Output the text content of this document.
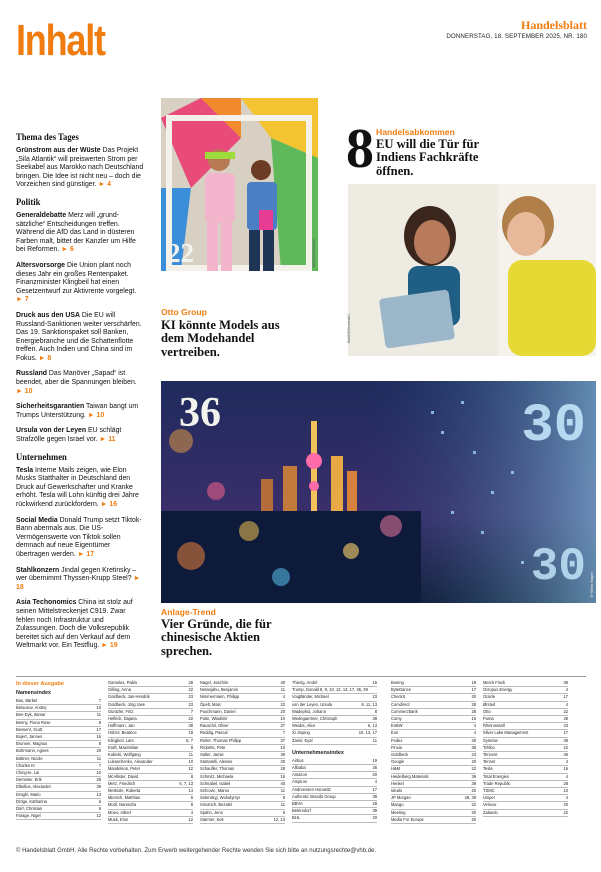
Inhalt	Handelsblatt
DONNERSTAG, 18. SEPTEMBER 2025, NR. 180
Thema des Tages
Grünstrom aus der Wüste Das Projekt „Sila Atlantik“ will preiswerten Strom per Seekabel aus Marokko nach Deutschland bringen. Die Idee ist nicht neu – doch die Vorzeichen sind günstiger. ► 4
Politik
Generaldebatte Merz will „grundsätzliche“ Entscheidungen treffen. Während die AfD das Land in düsteren Farben malt, bittet der Kanzler um Hilfe bei Reformen. ► 6
Altersvorsorge Die Union plant noch dieses Jahr ein großes Rentenpaket. Finanzminister Klingbeil hat einen Gesetzentwurf zur Aktivrente vorgelegt. ► 7
Druck aus den USA Die EU will Russland-Sanktionen weiter verschärfen. Das 19. Sanktionspaket soll Banken, Energiebranche und die Schattenflotte treffen. Auch Indien und China sind im Fokus. ► 8
Russland Das Manöver „Sapad“ ist beendet, aber die Spannungen bleiben. ► 10
Sicherheitsgarantien Taiwan bangt um Trumps Unterstützung. ► 10
Ursula von der Leyen EU schlägt Strafzölle gegen Israel vor. ► 11
Unternehmen
Tesla Interne Mails zeigen, wie Elon Musks Statthalter in Deutschland den Druck auf Gewerkschafter und Kranke erhöht. Tesla will Lohn künftig drei Jahre rückwirkend zurückfordern. ► 16
Social Media Donald Trump setzt Tiktok-Bann abermals aus. Die US-Vermögenswerte von Tiktok sollen demnach auf neue Eigentümer übertragen werden. ► 17
Stahlkonzern Jindal gegen Kretinsky – wer übernimmt Thyssen-Krupp Steel? ► 18
Asia Techonomics China ist stolz auf seinen Mittelstreckenjet C919. Zwar fehlen noch Infrastruktur und Zulassungen. Doch die Volksrepublik bereitet sich auf den Verkauf auf dem Weltmarkt vor. Ein Testflug. ► 19
22	IMAGO/Westend61
Otto Group
KI könnte Models aus dem Modehandel vertreiben.
8 Handelsabkommen
EU will die Tür für Indiens Fachkräfte öffnen.
IMAGO/Westend61
36	30
30 E+/Getty Images
Anlage-Trend
Vier Gründe, die für chinesische Aktien sprechen.
In dieser Ausgabe
Namensindex
Bas, Bärbel	7
Belousov, Andrej	10
Ben-Dyk, Itamar	11
Benny, Fiona Rose	8
Bessent, Scott	17
Bojert, Jannes	16
Brunner, Magnus	8
Bohrmann, Agnes	20
Büttner, Nicole	11
Charles III	7
Ching-te, Lai	10
Demmler, Erik	28
Dibellus, Alexander	39
Draghi, Mario	13
Dröge, Katharina	6
Dürr, Christian	6
Farage, Nigel	12
Gamelus, Pablo	28
Gilling, Anna	22
Goldbeck, Jan-Hendrik	23
Goldbeck, Jörg Uwe	23
Güntzler, Fritz	7
Hellrick, Dajana	22
Hoffmann, Jan	38
Hölzel, Beatrice	18
Klingbeil, Lars	6, 7
Kraft, Maximilian	8
Kubicki, Wolfgang	11
Lukaschenko, Alexander	10
Mandelson, Peter	12
McAllister, David	8
Merz, Friedrich	6, 7, 13
Mettsole, Roberta	14
Miersch, Matthias	6
Modi, Narendra	8
Moeo, Albert	4
Musk, Elon	12
Nagel, Joachim	40
Netanjahu, Benjamin	11
Nimmermann, Philipp	4
Öpelt, Marc	22
Puschmann, Daniel	20
Putin, Wladimir	10
Rauschil, Oliver	37
Reddig, Pascal	7
Reiter, Thomas Philipp	37
Ricketts, Pete	10
Salter, Jamie	39
Santarelli, Alessio	20
Schaufler, Thomas	28
Schmitz, Michaela	16
Schnabel, Isabel	40
Sefcovic, Maros	11
Selenskyj, Wolodymyr	8
Smotrich, Bezalel	11
Spahn, Jens	6
Starmer, Keir	12, 13
Thierig, André	16
Trump, Donald 8, 9, 10, 12, 13, 17, 36, 39
Voigtländer, Michael	23
von der Leyen, Ursula	8, 11, 13
Wadephul, Johann	8
Wedegaertner, Christoph	38
Weidel, Alice	6, 13
Xi Jinping	10, 13, 17
Zamir, Eyal	11
Unternehmensindex
Airbus	19
Alibaba	36
Amazon	20
Ampiron	4
Andreessen Horowitz	17
Authentic Brands Group	39
BBVA	28
Betersdorf	39
BHL	20
Boeing	19
ByteDance	17
CheckIt	20
Comdirect	28
Commerzbank	28
Comy	16
EnBW	4
Eon	4
Fedex	40
Finvia	38
Goldbeck	23
Google	20
H&M	22
Heidelberg Materials	39
Henkel	39
Idealo	20
JP Morgan	28, 38
Mango	22
Meeting	20
Media For Europe	20
Merck Finck	39
Octopus Energy	4
Oracle	17
Ørsted	4
Otto	22
Puma	39
Rheinmetall	23
Silver Lake Management	17
Symrise	39
Tchibo	22
Tencent	36
Tennet	4
Tesla	16
Total Energies	4
Trade Republic	28
TSMC	10
Uniper	4
Verivox	20
Zalando	22
© Handelsblatt GmbH. Alle Rechte vorbehalten. Zum Erwerb weitergehender Rechte wenden Sie sich bitte an nutzungsrechte@vhb.de.
